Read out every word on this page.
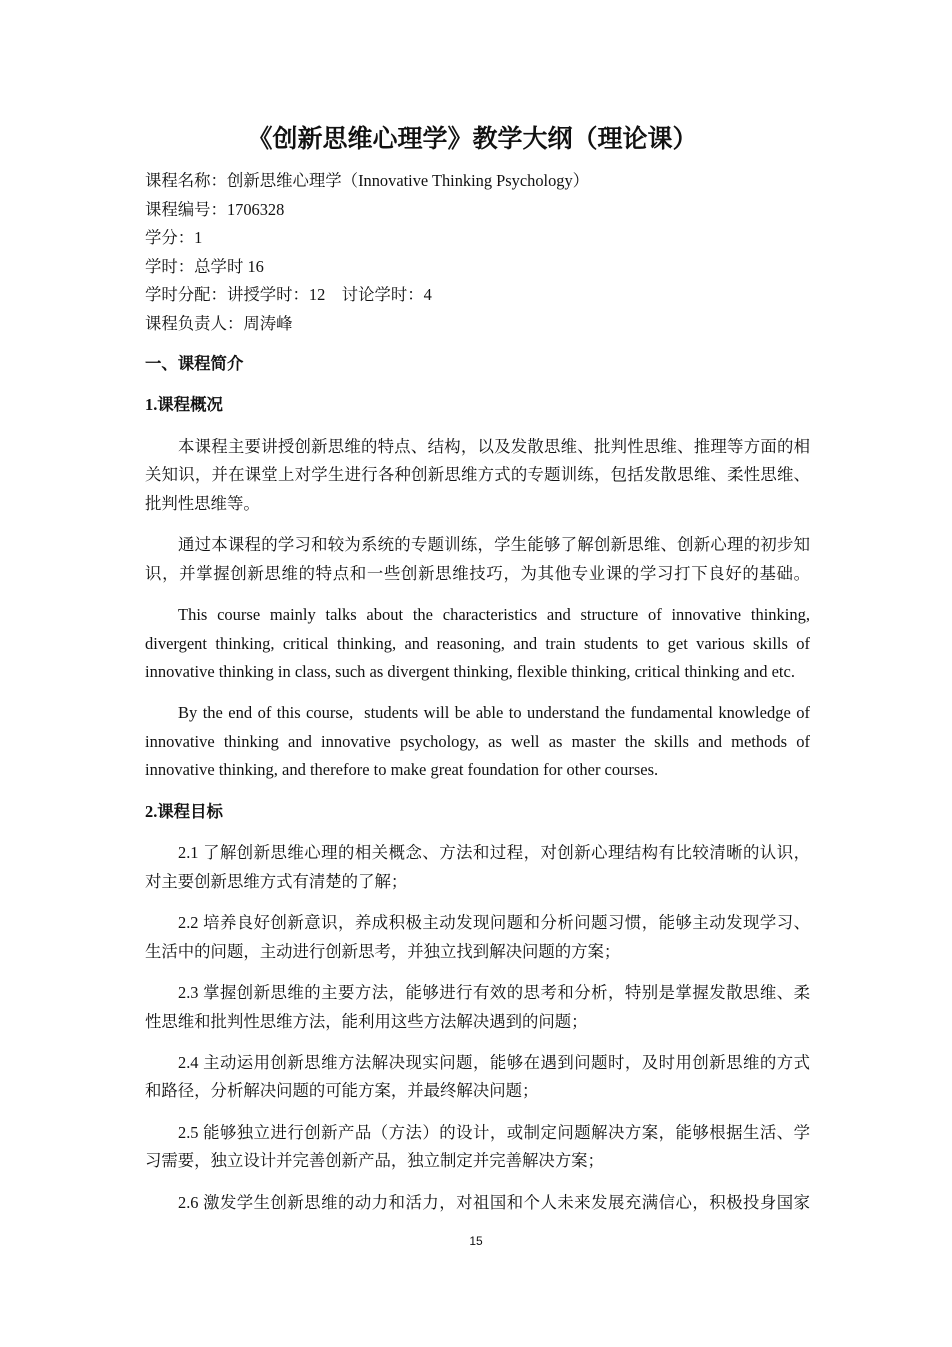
《创新思维心理学》教学大纲（理论课）
课程名称：创新思维心理学（Innovative Thinking Psychology）
课程编号：1706328
学分：1
学时：总学时 16
学时分配：讲授学时：12　讨论学时：4
课程负责人：周涛峰
一、课程简介
1.课程概况
本课程主要讲授创新思维的特点、结构，以及发散思维、批判性思维、推理等方面的相
关知识，并在课堂上对学生进行各种创新思维方式的专题训练，包括发散思维、柔性思维、
批判性思维等。
通过本课程的学习和较为系统的专题训练，学生能够了解创新思维、创新心理的初步知
识，并掌握创新思维的特点和一些创新思维技巧，为其他专业课的学习打下良好的基础。
This course mainly talks about the characteristics and structure of innovative thinking,
divergent thinking, critical thinking, and reasoning, and train students to get various skills of
innovative thinking in class, such as divergent thinking, flexible thinking, critical thinking and etc.
By the end of this course,  students will be able to understand the fundamental knowledge of
innovative thinking and innovative psychology, as well as master the skills and methods of
innovative thinking, and therefore to make great foundation for other courses.
2.课程目标
2.1 了解创新思维心理的相关概念、方法和过程，对创新心理结构有比较清晰的认识，
对主要创新思维方式有清楚的了解；
2.2 培养良好创新意识，养成积极主动发现问题和分析问题习惯，能够主动发现学习、
生活中的问题，主动进行创新思考，并独立找到解决问题的方案；
2.3 掌握创新思维的主要方法，能够进行有效的思考和分析，特别是掌握发散思维、柔
性思维和批判性思维方法，能利用这些方法解决遇到的问题；
2.4 主动运用创新思维方法解决现实问题，能够在遇到问题时，及时用创新思维的方式
和路径，分析解决问题的可能方案，并最终解决问题；
2.5 能够独立进行创新产品（方法）的设计，或制定问题解决方案，能够根据生活、学
习需要，独立设计并完善创新产品，独立制定并完善解决方案；
2.6 激发学生创新思维的动力和活力，对祖国和个人未来发展充满信心，积极投身国家
15
